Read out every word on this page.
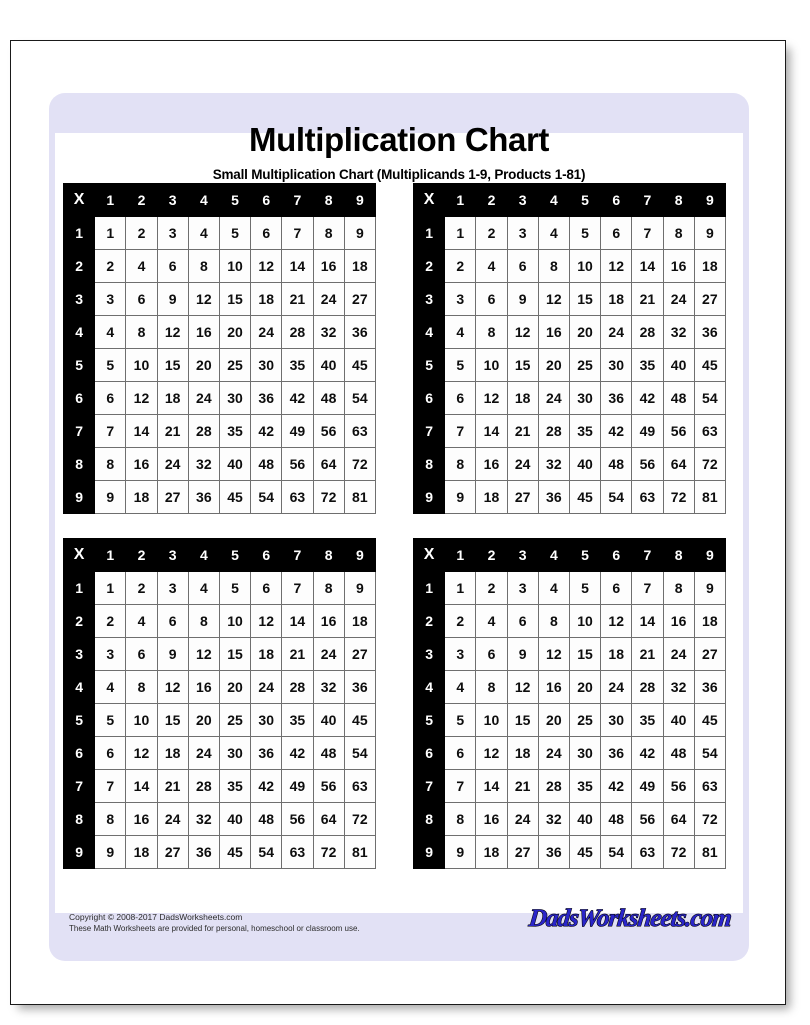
Multiplication Chart
Small Multiplication Chart (Multiplicands 1-9, Products 1-81)
X	1	2	3	4	5	6	7	8	9
1	1	2	3	4	5	6	7	8	9
2	2	4	6	8	10	12	14	16	18
3	3	6	9	12	15	18	21	24	27
4	4	8	12	16	20	24	28	32	36
5	5	10	15	20	25	30	35	40	45
6	6	12	18	24	30	36	42	48	54
7	7	14	21	28	35	42	49	56	63
8	8	16	24	32	40	48	56	64	72
9	9	18	27	36	45	54	63	72	81
X	1	2	3	4	5	6	7	8	9
1	1	2	3	4	5	6	7	8	9
2	2	4	6	8	10	12	14	16	18
3	3	6	9	12	15	18	21	24	27
4	4	8	12	16	20	24	28	32	36
5	5	10	15	20	25	30	35	40	45
6	6	12	18	24	30	36	42	48	54
7	7	14	21	28	35	42	49	56	63
8	8	16	24	32	40	48	56	64	72
9	9	18	27	36	45	54	63	72	81
X	1	2	3	4	5	6	7	8	9
1	1	2	3	4	5	6	7	8	9
2	2	4	6	8	10	12	14	16	18
3	3	6	9	12	15	18	21	24	27
4	4	8	12	16	20	24	28	32	36
5	5	10	15	20	25	30	35	40	45
6	6	12	18	24	30	36	42	48	54
7	7	14	21	28	35	42	49	56	63
8	8	16	24	32	40	48	56	64	72
9	9	18	27	36	45	54	63	72	81
X	1	2	3	4	5	6	7	8	9
1	1	2	3	4	5	6	7	8	9
2	2	4	6	8	10	12	14	16	18
3	3	6	9	12	15	18	21	24	27
4	4	8	12	16	20	24	28	32	36
5	5	10	15	20	25	30	35	40	45
6	6	12	18	24	30	36	42	48	54
7	7	14	21	28	35	42	49	56	63
8	8	16	24	32	40	48	56	64	72
9	9	18	27	36	45	54	63	72	81
Copyright © 2008-2017 DadsWorksheets.com
These Math Worksheets are provided for personal, homeschool or classroom use.	DadsWorksheets.com
